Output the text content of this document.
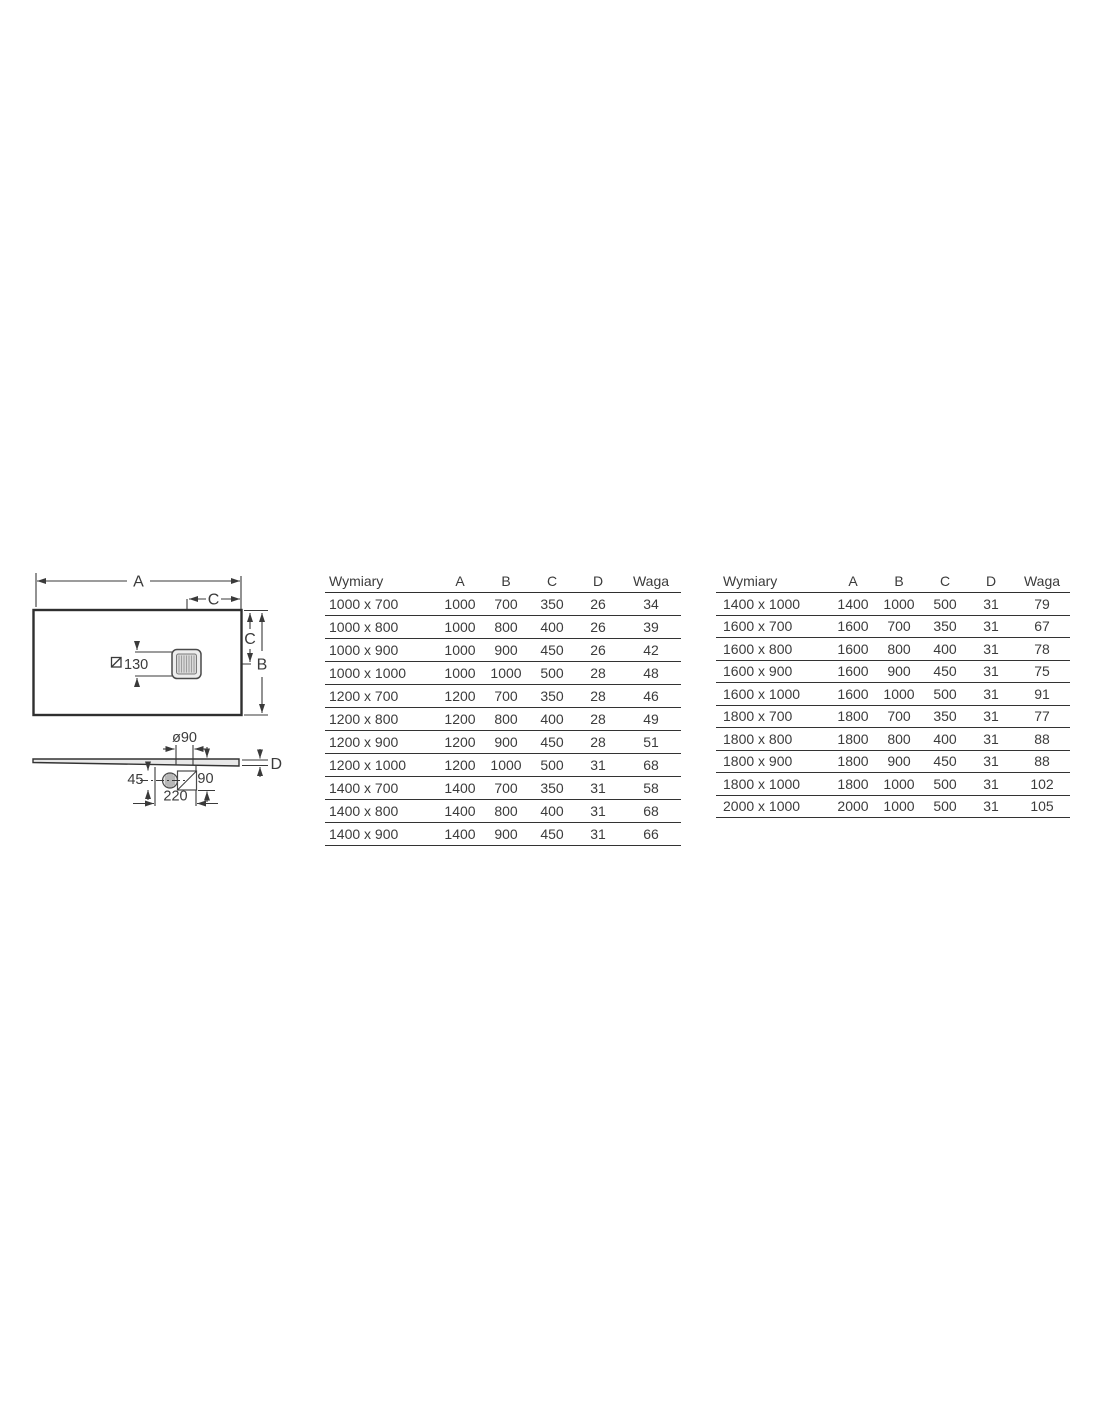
A
C
C
B
130
ø90
D
45	90
220
Wymiary	A	B	C	D	Waga
1000 x 700	1000	700	350	26	34
1000 x 800	1000	800	400	26	39
1000 x 900	1000	900	450	26	42
1000 x 1000	1000	1000	500	28	48
1200 x 700	1200	700	350	28	46
1200 x 800	1200	800	400	28	49
1200 x 900	1200	900	450	28	51
1200 x 1000	1200	1000	500	31	68
1400 x 700	1400	700	350	31	58
1400 x 800	1400	800	400	31	68
1400 x 900	1400	900	450	31	66
Wymiary	A	B	C	D	Waga
1400 x 1000	1400	1000	500	31	79
1600 x 700	1600	700	350	31	67
1600 x 800	1600	800	400	31	78
1600 x 900	1600	900	450	31	75
1600 x 1000	1600	1000	500	31	91
1800 x 700	1800	700	350	31	77
1800 x 800	1800	800	400	31	88
1800 x 900	1800	900	450	31	88
1800 x 1000	1800	1000	500	31	102
2000 x 1000	2000	1000	500	31	105
